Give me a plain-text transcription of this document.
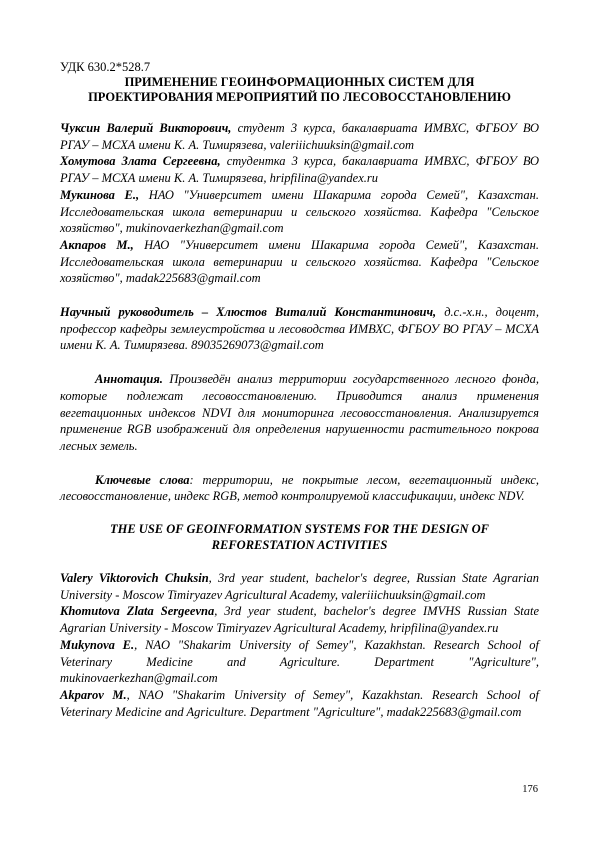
УДК 630.2*528.7
ПРИМЕНЕНИЕ ГЕОИНФОРМАЦИОННЫХ СИСТЕМ ДЛЯ
ПРОЕКТИРОВАНИЯ МЕРОПРИЯТИЙ ПО ЛЕСОВОССТАНОВЛЕНИЮ

Чуксин Валерий Викторович, студент 3 курса, бакалавриата ИМВХС, ФГБОУ ВО РГАУ – МСХА имени К. А. Тимирязева, valeriiichuuksin@gmail.com

Хомутова Злата Сергеевна, студентка 3 курса, бакалавриата ИМВХС, ФГБОУ ВО РГАУ – МСХА имени К. А. Тимирязева, hripfilina@yandex.ru

Мукинова Е., НАО "Университет имени Шакарима города Семей", Казахстан. Исследовательская школа ветеринарии и сельского хозяйства. Кафедра "Сельское хозяйство", mukinovaerkezhan@gmail.com

Акпаров М., НАО "Университет имени Шакарима города Семей", Казахстан. Исследовательская школа ветеринарии и сельского хозяйства. Кафедра "Сельское хозяйство", madak225683@gmail.com

Научный руководитель – Хлюстов Виталий Константинович, д.с.-х.н., доцент, профессор кафедры землеустройства и лесоводства ИМВХС, ФГБОУ ВО РГАУ – МСХА имени К. А. Тимирязева. 89035269073@gmail.com

Аннотация. Произведён анализ территории государственного лесного фонда, которые подлежат лесовосстановлению. Приводится анализ применения вегетационных индексов NDVI для мониторинга лесовосстановления. Анализируется применение RGB изображений для определения нарушенности растительного покрова лесных земель.

Ключевые слова: территории, не покрытые лесом, вегетационный индекс, лесовосстановление, индекс RGB, метод контролируемой классификации, индекс NDV.

THE USE OF GEOINFORMATION SYSTEMS FOR THE DESIGN OF
REFORESTATION ACTIVITIES

Valery Viktorovich Chuksin, 3rd year student, bachelor's degree, Russian State Agrarian University - Moscow Timiryazev Agricultural Academy, valeriiichuuksin@gmail.com

Khomutova Zlata Sergeevna, 3rd year student, bachelor's degree IMVHS Russian State Agrarian University - Moscow Timiryazev Agricultural Academy, hripfilina@yandex.ru

Mukynova E., NAO "Shakarim University of Semey", Kazakhstan. Research School of Veterinary Medicine and Agriculture. Department "Agriculture", mukinovaerkezhan@gmail.com

Akparov M., NAO "Shakarim University of Semey", Kazakhstan. Research School of Veterinary Medicine and Agriculture. Department "Agriculture", madak225683@gmail.com

176
